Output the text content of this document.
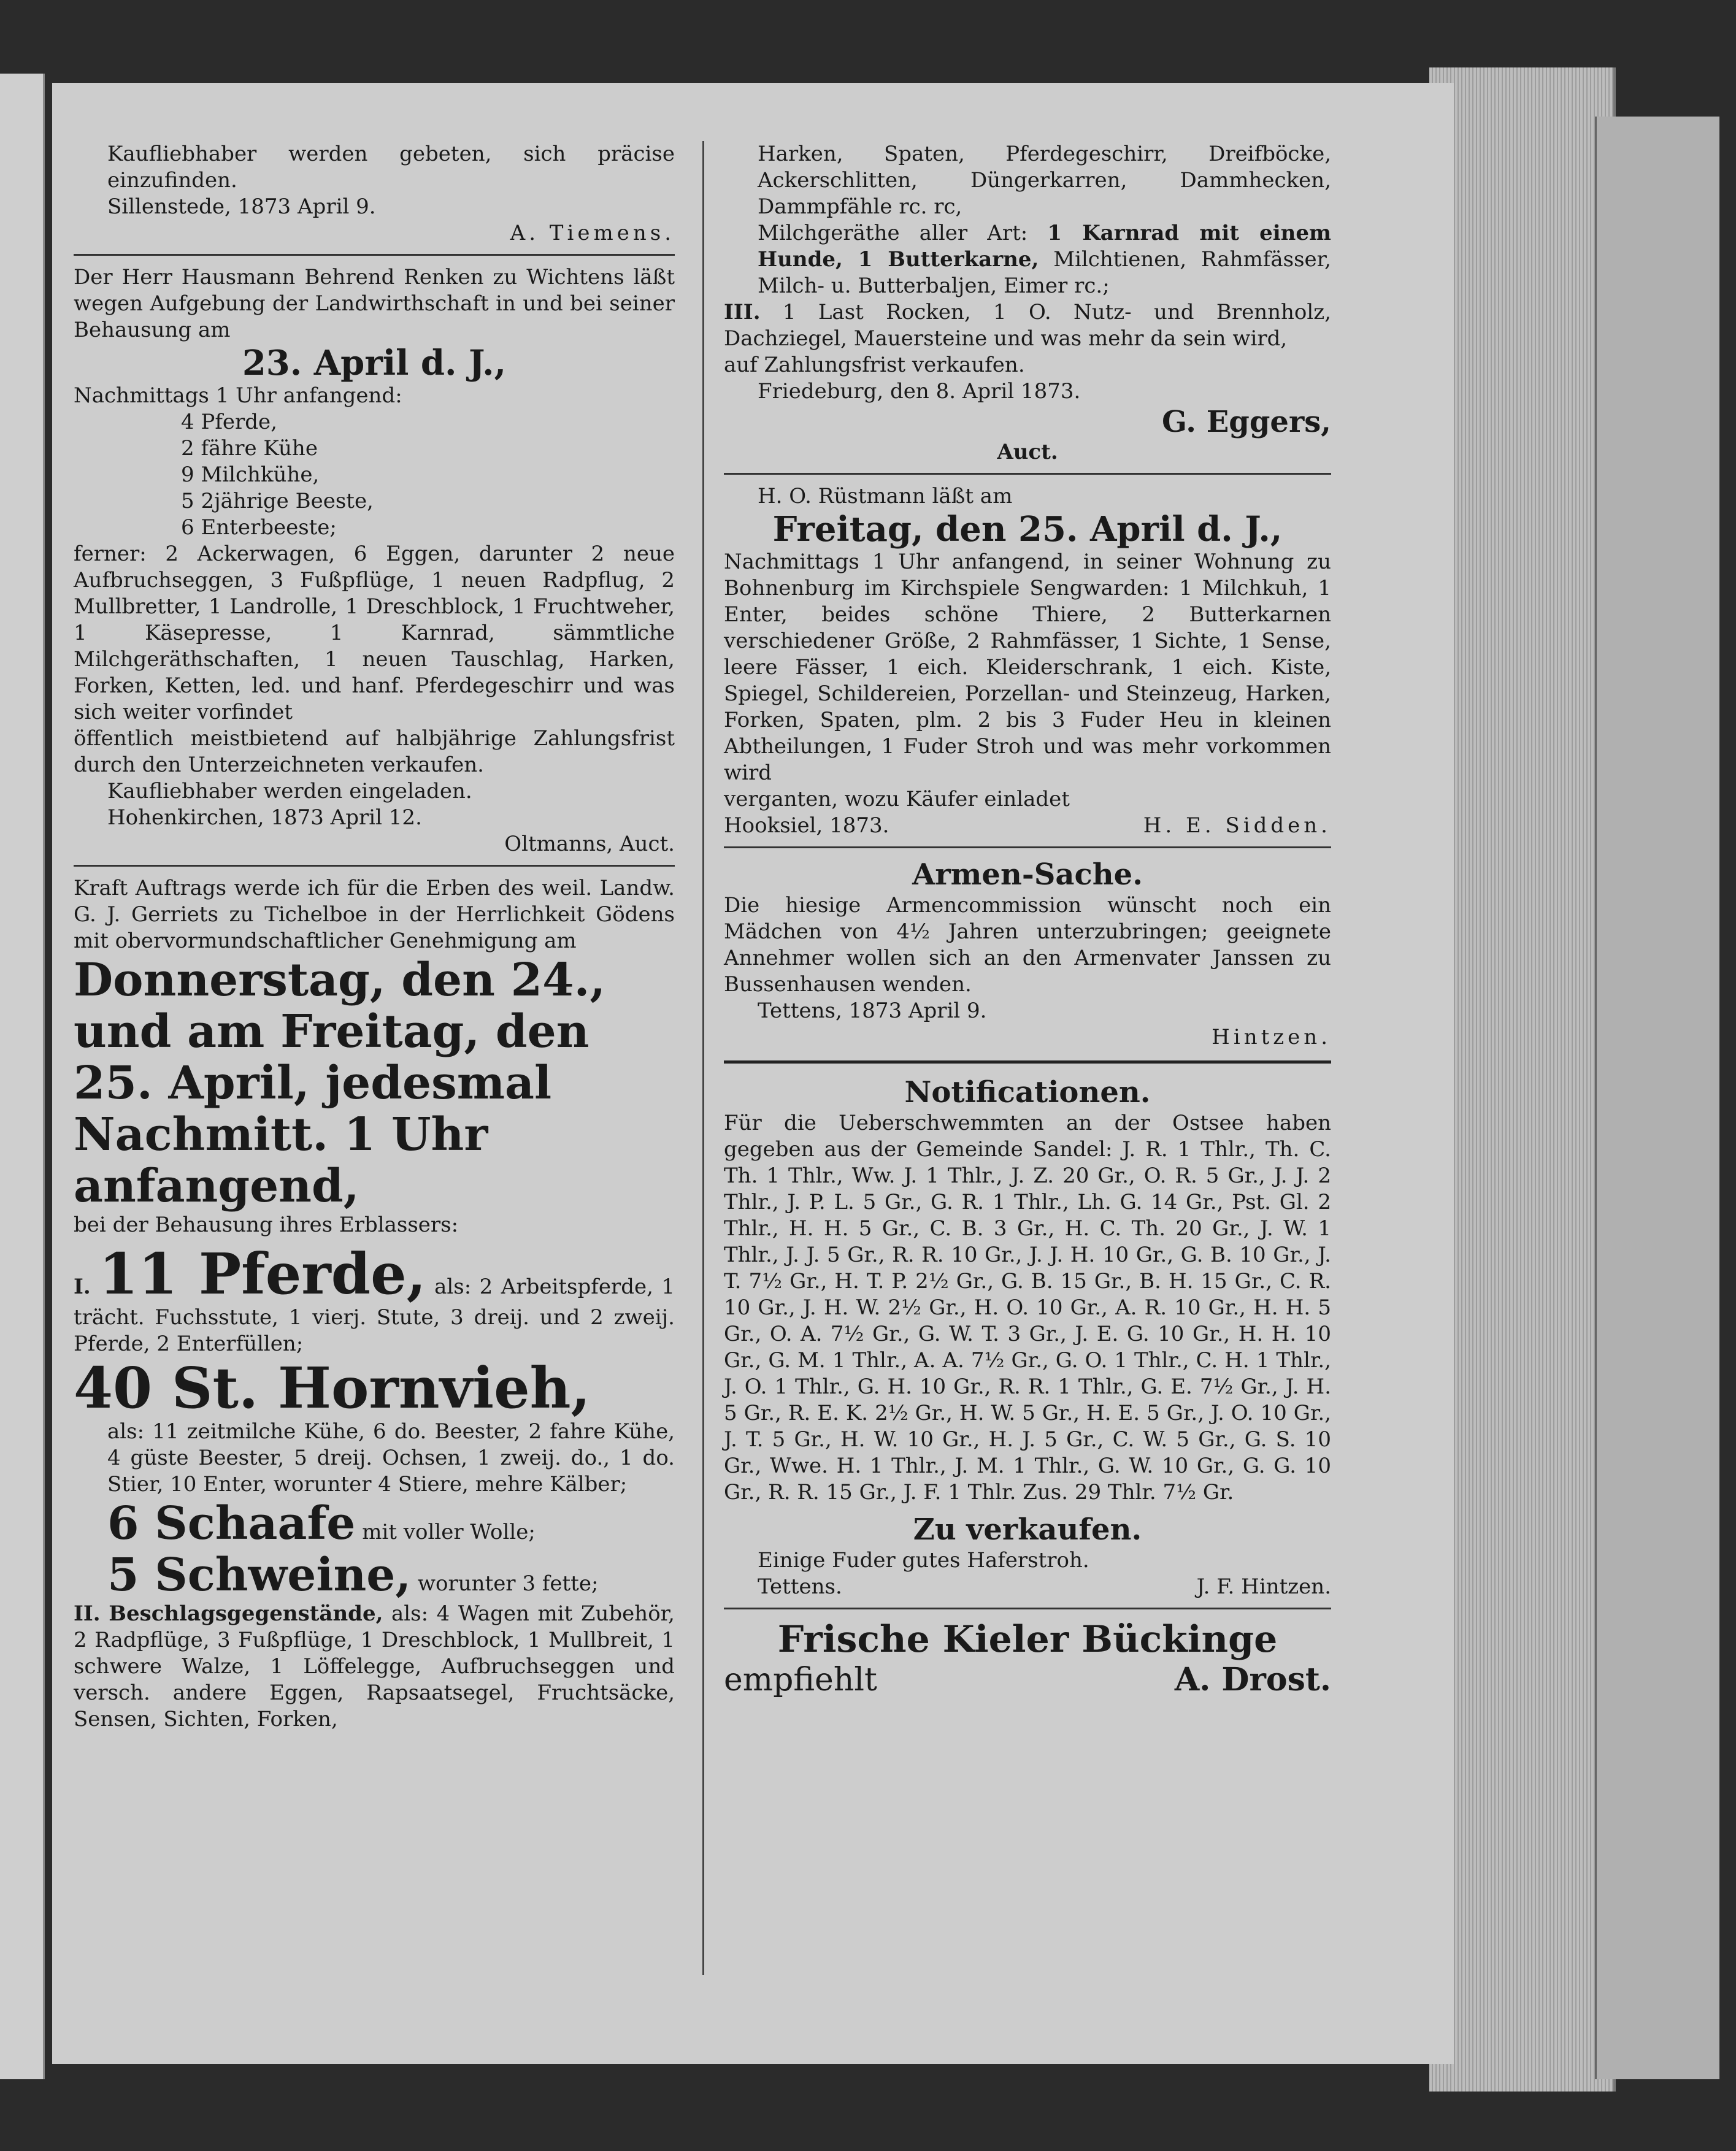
Kaufliebhaber werden gebeten, sich präcise einzufinden.

Sillenstede, 1873 April 9.

A. Tiemens.

Der Herr Hausmann Behrend Renken zu Wichtens läßt wegen Aufgebung der Landwirthschaft in und bei seiner Behausung am

23. April d. J.,

Nachmittags 1 Uhr anfangend:

4 Pferde,

2 fähre Kühe

9 Milchkühe,

5 2jährige Beeste,

6 Enterbeeste;

ferner: 2 Ackerwagen, 6 Eggen, darunter 2 neue Aufbruchseggen, 3 Fußpflüge, 1 neuen Radpflug, 2 Mullbretter, 1 Landrolle, 1 Dreschblock, 1 Fruchtweher, 1 Käsepresse, 1 Karnrad, sämmtliche Milchgeräthschaften, 1 neuen Tauschlag, Harken, Forken, Ketten, led. und hanf. Pferdegeschirr und was sich weiter vorfindet

öffentlich meistbietend auf halbjährige Zahlungsfrist durch den Unterzeichneten verkaufen.

Kaufliebhaber werden eingeladen.

Hohenkirchen, 1873 April 12.

Oltmanns, Auct.

Kraft Auftrags werde ich für die Erben des weil. Landw. G. J. Gerriets zu Tichelboe in der Herrlichkeit Gödens mit obervormundschaftlicher Genehmigung am

Donnerstag, den 24., und am Freitag, den 25. April, jedesmal Nachmitt. 1 Uhr anfangend,

bei der Behausung ihres Erblassers:

I. 11 Pferde, als: 2 Arbeitspferde, 1 trächt. Fuchsstute, 1 vierj. Stute, 3 dreij. und 2 zweij. Pferde, 2 Enterfüllen;

40 St. Hornvieh,

als: 11 zeitmilche Kühe, 6 do. Beester, 2 fahre Kühe, 4 güste Beester, 5 dreij. Ochsen, 1 zweij. do., 1 do. Stier, 10 Enter, worunter 4 Stiere, mehre Kälber;

6 Schaafe mit voller Wolle;

5 Schweine, worunter 3 fette;

II. Beschlagsgegenstände, als: 4 Wagen mit Zubehör, 2 Radpflüge, 3 Fußpflüge, 1 Dreschblock, 1 Mullbreit, 1 schwere Walze, 1 Löffelegge, Aufbruchseggen und versch. andere Eggen, Rapsaatsegel, Fruchtsäcke, Sensen, Sichten, Forken,

Harken, Spaten, Pferdegeschirr, Dreifböcke, Ackerschlitten, Düngerkarren, Dammhecken, Dammpfähle rc. rc,

Milchgeräthe aller Art: 1 Karnrad mit einem Hunde, 1 Butterkarne, Milchtienen, Rahmfässer, Milch- u. Butterbaljen, Eimer rc.;

III. 1 Last Rocken, 1 O. Nutz- und Brennholz, Dachziegel, Mauersteine und was mehr da sein wird,

auf Zahlungsfrist verkaufen.

Friedeburg, den 8. April 1873.

G. Eggers,

Auct.

H. O. Rüstmann läßt am

Freitag, den 25. April d. J.,

Nachmittags 1 Uhr anfangend, in seiner Wohnung zu Bohnenburg im Kirchspiele Sengwarden: 1 Milchkuh, 1 Enter, beides schöne Thiere, 2 Butterkarnen verschiedener Größe, 2 Rahmfässer, 1 Sichte, 1 Sense, leere Fässer, 1 eich. Kleiderschrank, 1 eich. Kiste, Spiegel, Schildereien, Porzellan- und Steinzeug, Harken, Forken, Spaten, plm. 2 bis 3 Fuder Heu in kleinen Abtheilungen, 1 Fuder Stroh und was mehr vorkommen wird

verganten, wozu Käufer einladet

Hooksiel, 1873.	H. E. Sidden.

Armen-Sache.

Die hiesige Armencommission wünscht noch ein Mädchen von 4½ Jahren unterzubringen; geeignete Annehmer wollen sich an den Armenvater Janssen zu Bussenhausen wenden.

Tettens, 1873 April 9.

Hintzen.

Notificationen.

Für die Ueberschwemmten an der Ostsee haben gegeben aus der Gemeinde Sandel: J. R. 1 Thlr., Th. C. Th. 1 Thlr., Ww. J. 1 Thlr., J. Z. 20 Gr., O. R. 5 Gr., J. J. 2 Thlr., J. P. L. 5 Gr., G. R. 1 Thlr., Lh. G. 14 Gr., Pst. Gl. 2 Thlr., H. H. 5 Gr., C. B. 3 Gr., H. C. Th. 20 Gr., J. W. 1 Thlr., J. J. 5 Gr., R. R. 10 Gr., J. J. H. 10 Gr., G. B. 10 Gr., J. T. 7½ Gr., H. T. P. 2½ Gr., G. B. 15 Gr., B. H. 15 Gr., C. R. 10 Gr., J. H. W. 2½ Gr., H. O. 10 Gr., A. R. 10 Gr., H. H. 5 Gr., O. A. 7½ Gr., G. W. T. 3 Gr., J. E. G. 10 Gr., H. H. 10 Gr., G. M. 1 Thlr., A. A. 7½ Gr., G. O. 1 Thlr., C. H. 1 Thlr., J. O. 1 Thlr., G. H. 10 Gr., R. R. 1 Thlr., G. E. 7½ Gr., J. H. 5 Gr., R. E. K. 2½ Gr., H. W. 5 Gr., H. E. 5 Gr., J. O. 10 Gr., J. T. 5 Gr., H. W. 10 Gr., H. J. 5 Gr., C. W. 5 Gr., G. S. 10 Gr., Wwe. H. 1 Thlr., J. M. 1 Thlr., G. W. 10 Gr., G. G. 10 Gr., R. R. 15 Gr., J. F. 1 Thlr. Zus. 29 Thlr. 7½ Gr.

Zu verkaufen.

Einige Fuder gutes Haferstroh.

Tettens.	J. F. Hintzen.

Frische Kieler Bückinge

empfiehlt	A. Drost.
